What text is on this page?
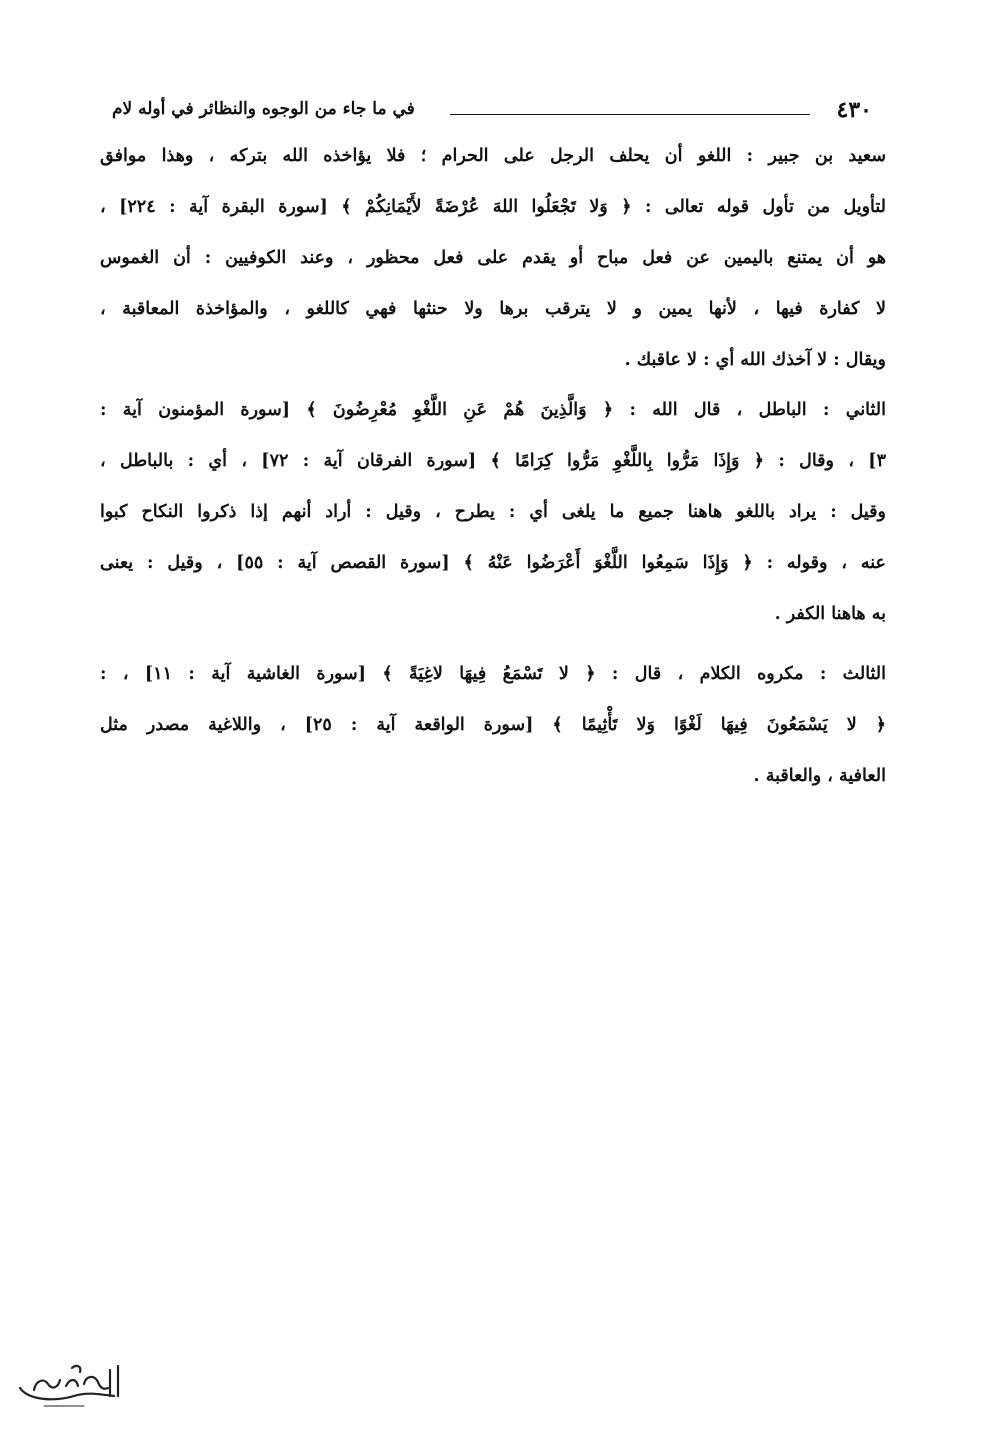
٤٣٠
في ما جاء من الوجوه والنظائر في أوله لام
سعيد بن جبير : اللغو أن يحلف الرجل على الحرام ؛ فلا يؤاخذه الله بتركه ، وهذا موافق
لتأويل من تأول قوله تعالى : ﴿ وَلا تَجْعَلُوا اللهَ عُرْضَةً لأَيْمَانِكُمْ ﴾ [سورة البقرة آية : ٢٢٤] ،
هو أن يمتنع باليمين عن فعل مباح أو يقدم على فعل محظور ، وعند الكوفيين : أن الغموس
لا كفارة فيها ، لأنها يمين و لا يترقب برها ولا حنثها فهي كاللغو ، والمؤاخذة المعاقبة ،
ويقال : لا آخذك الله أي : لا عاقبك .
الثاني : الباطل ، قال الله : ﴿ وَالَّذِينَ هُمْ عَنِ اللَّغْوِ مُعْرِضُونَ ﴾ [سورة المؤمنون آية :
٣] ، وقال : ﴿ وَإِذَا مَرُّوا بِاللَّغْوِ مَرُّوا كِرَامًا ﴾ [سورة الفرقان آية : ٧٢] ، أي : بالباطل ،
وقيل : يراد باللغو هاهنا جميع ما يلغى أي : يطرح ، وقيل : أراد أنهم إذا ذكروا النكاح كبوا
عنه ، وقوله : ﴿ وَإِذَا سَمِعُوا اللَّغْوَ أَعْرَضُوا عَنْهُ ﴾ [سورة القصص آية : ٥٥] ، وقيل : يعنى
به هاهنا الكفر .
الثالث : مكروه الكلام ، قال : ﴿ لا تَسْمَعُ فِيهَا لاغِيَةً ﴾ [سورة الغاشية آية : ١١] ، :
﴿ لا يَسْمَعُونَ فِيهَا لَغْوًا وَلا تَأْثِيمًا ﴾ [سورة الواقعة آية : ٢٥] ، واللاغية مصدر مثل
العافية ، والعاقبة .
